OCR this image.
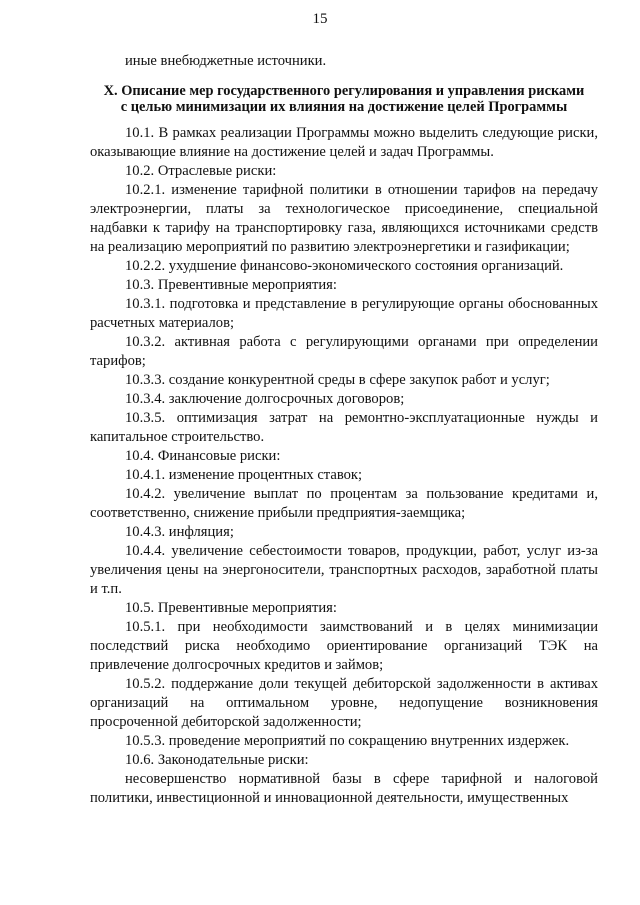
15

иные внебюджетные источники.

X. Описание мер государственного регулирования и управления рисками

с целью минимизации их влияния на достижение целей Программы

10.1. В рамках реализации Программы можно выделить следующие риски, оказывающие влияние на достижение целей и задач Программы.

10.2. Отраслевые риски:

10.2.1. изменение тарифной политики в отношении тарифов на передачу электроэнергии, платы за технологическое присоединение, специальной надбавки к тарифу на транспортировку газа, являющихся источниками средств на реализацию мероприятий по развитию электроэнергетики и газификации;

10.2.2. ухудшение финансово-экономического состояния организаций.

10.3. Превентивные мероприятия:

10.3.1. подготовка и представление в регулирующие органы обоснованных расчетных материалов;

10.3.2. активная работа с регулирующими органами при определении тарифов;

10.3.3. создание конкурентной среды в сфере закупок работ и услуг;

10.3.4. заключение долгосрочных договоров;

10.3.5. оптимизация затрат на ремонтно-эксплуатационные нужды и капитальное строительство.

10.4. Финансовые риски:

10.4.1. изменение процентных ставок;

10.4.2. увеличение выплат по процентам за пользование кредитами и, соответственно, снижение прибыли предприятия-заемщика;

10.4.3. инфляция;

10.4.4. увеличение себестоимости товаров, продукции, работ, услуг из-за увеличения цены на энергоносители, транспортных расходов, заработной платы и т.п.

10.5. Превентивные мероприятия:

10.5.1. при необходимости заимствований и в целях минимизации последствий риска необходимо ориентирование организаций ТЭК на привлечение долгосрочных кредитов и займов;

10.5.2. поддержание доли текущей дебиторской задолженности в активах организаций на оптимальном уровне, недопущение возникновения просроченной дебиторской задолженности;

10.5.3. проведение мероприятий по сокращению внутренних издержек.

10.6. Законодательные риски:

несовершенство нормативной базы в сфере тарифной и налоговой политики, инвестиционной и инновационной деятельности, имущественных
